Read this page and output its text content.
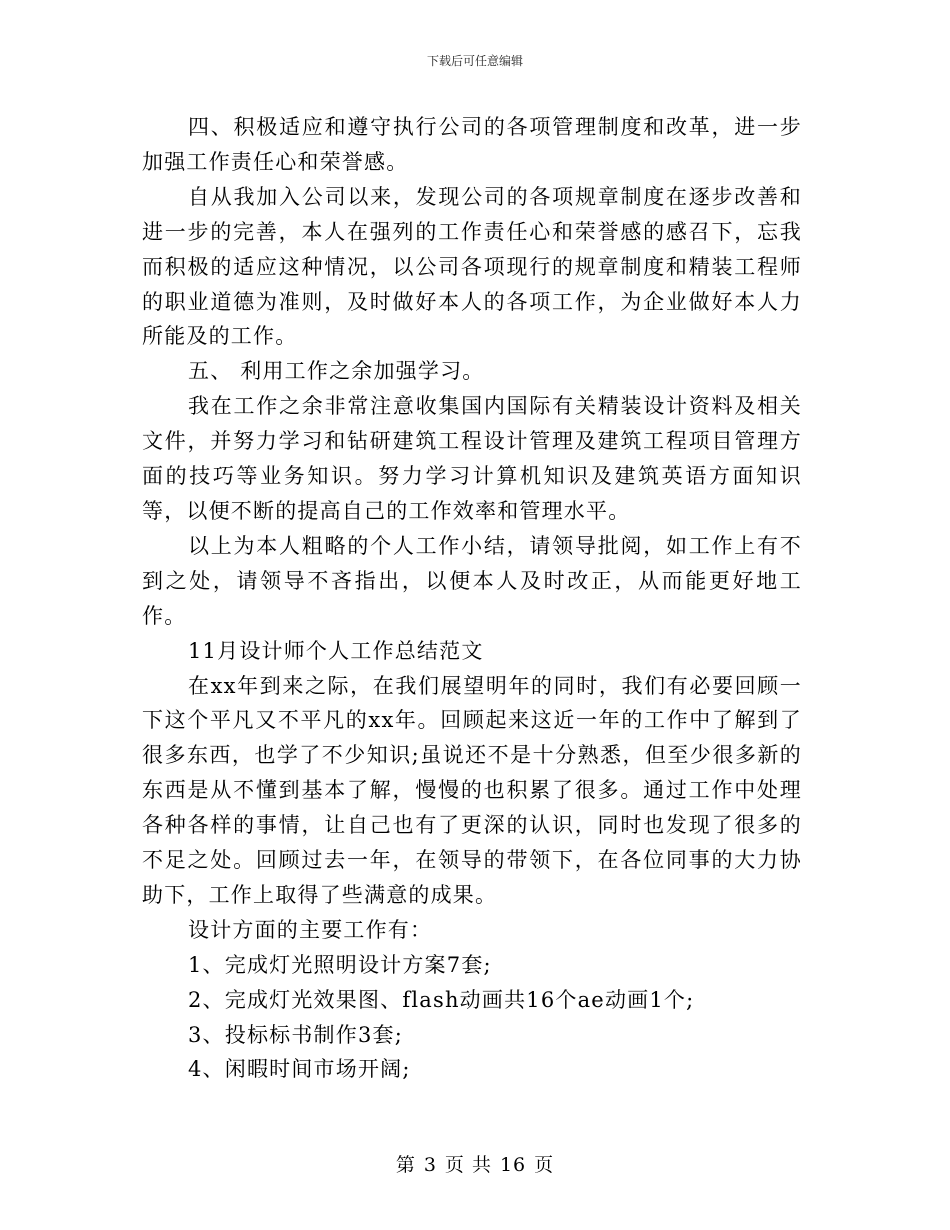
下载后可任意编辑

四、积极适应和遵守执行公司的各项管理制度和改革，进一步加强工作责任心和荣誉感。

自从我加入公司以来，发现公司的各项规章制度在逐步改善和进一步的完善，本人在强列的工作责任心和荣誉感的感召下，忘我而积极的适应这种情况，以公司各项现行的规章制度和精装工程师的职业道德为准则，及时做好本人的各项工作，为企业做好本人力所能及的工作。

五、 利用工作之余加强学习。

我在工作之余非常注意收集国内国际有关精装设计资料及相关文件，并努力学习和钻研建筑工程设计管理及建筑工程项目管理方面的技巧等业务知识。努力学习计算机知识及建筑英语方面知识等，以便不断的提高自己的工作效率和管理水平。

以上为本人粗略的个人工作小结，请领导批阅，如工作上有不到之处，请领导不吝指出，以便本人及时改正，从而能更好地工作。

11月设计师个人工作总结范文

在xx年到来之际，在我们展望明年的同时，我们有必要回顾一下这个平凡又不平凡的xx年。回顾起来这近一年的工作中了解到了很多东西，也学了不少知识;虽说还不是十分熟悉，但至少很多新的东西是从不懂到基本了解，慢慢的也积累了很多。通过工作中处理各种各样的事情，让自己也有了更深的认识，同时也发现了很多的不足之处。回顾过去一年，在领导的带领下，在各位同事的大力协助下，工作上取得了些满意的成果。

设计方面的主要工作有：

1、完成灯光照明设计方案7套;

2、完成灯光效果图、flash动画共16个ae动画1个;

3、投标标书制作3套;

4、闲暇时间市场开阔;

第 3 页 共 16 页
